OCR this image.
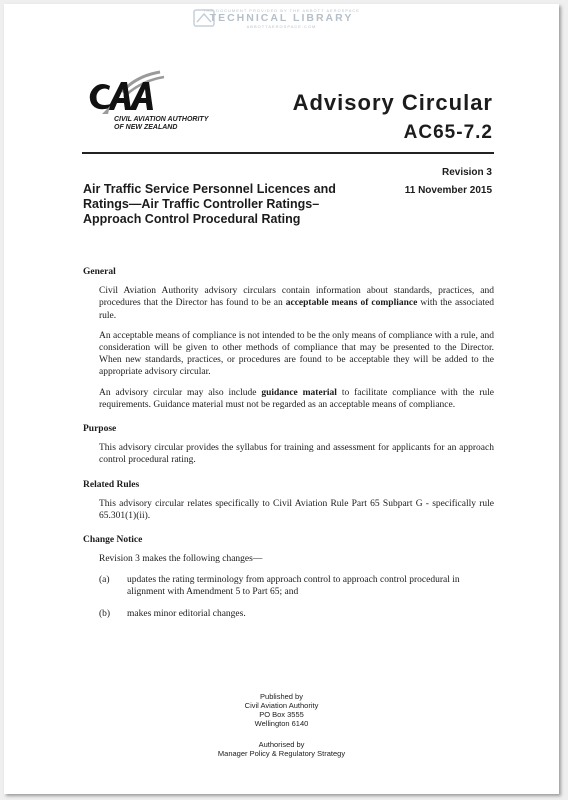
THE DOCUMENT PROVIDED BY THE ABBOTT AEROSPACE
TECHNICAL LIBRARY
ABBOTTAEROSPACE.COM
CIVIL AVIATION AUTHORITY
OF NEW ZEALAND
Advisory Circular
AC65-7.2
Revision 3
11 November 2015
Air Traffic Service Personnel Licences and Ratings—Air Traffic Controller Ratings–Approach Control Procedural Rating
General

Civil Aviation Authority advisory circulars contain information about standards, practices, and procedures that the Director has found to be an acceptable means of compliance with the associated rule.

An acceptable means of compliance is not intended to be the only means of compliance with a rule, and consideration will be given to other methods of compliance that may be presented to the Director. When new standards, practices, or procedures are found to be acceptable they will be added to the appropriate advisory circular.

An advisory circular may also include guidance material to facilitate compliance with the rule requirements. Guidance material must not be regarded as an acceptable means of compliance.

Purpose

This advisory circular provides the syllabus for training and assessment for applicants for an approach control procedural rating.

Related Rules

This advisory circular relates specifically to Civil Aviation Rule Part 65 Subpart G - specifically rule 65.301(1)(ii).

Change Notice

Revision 3 makes the following changes—

(a) updates the rating terminology from approach control to approach control procedural in alignment with Amendment 5 to Part 65; and
(b) makes minor editorial changes.
Published by
Civil Aviation Authority
PO Box 3555
Wellington 6140
Authorised by
Manager Policy & Regulatory Strategy
